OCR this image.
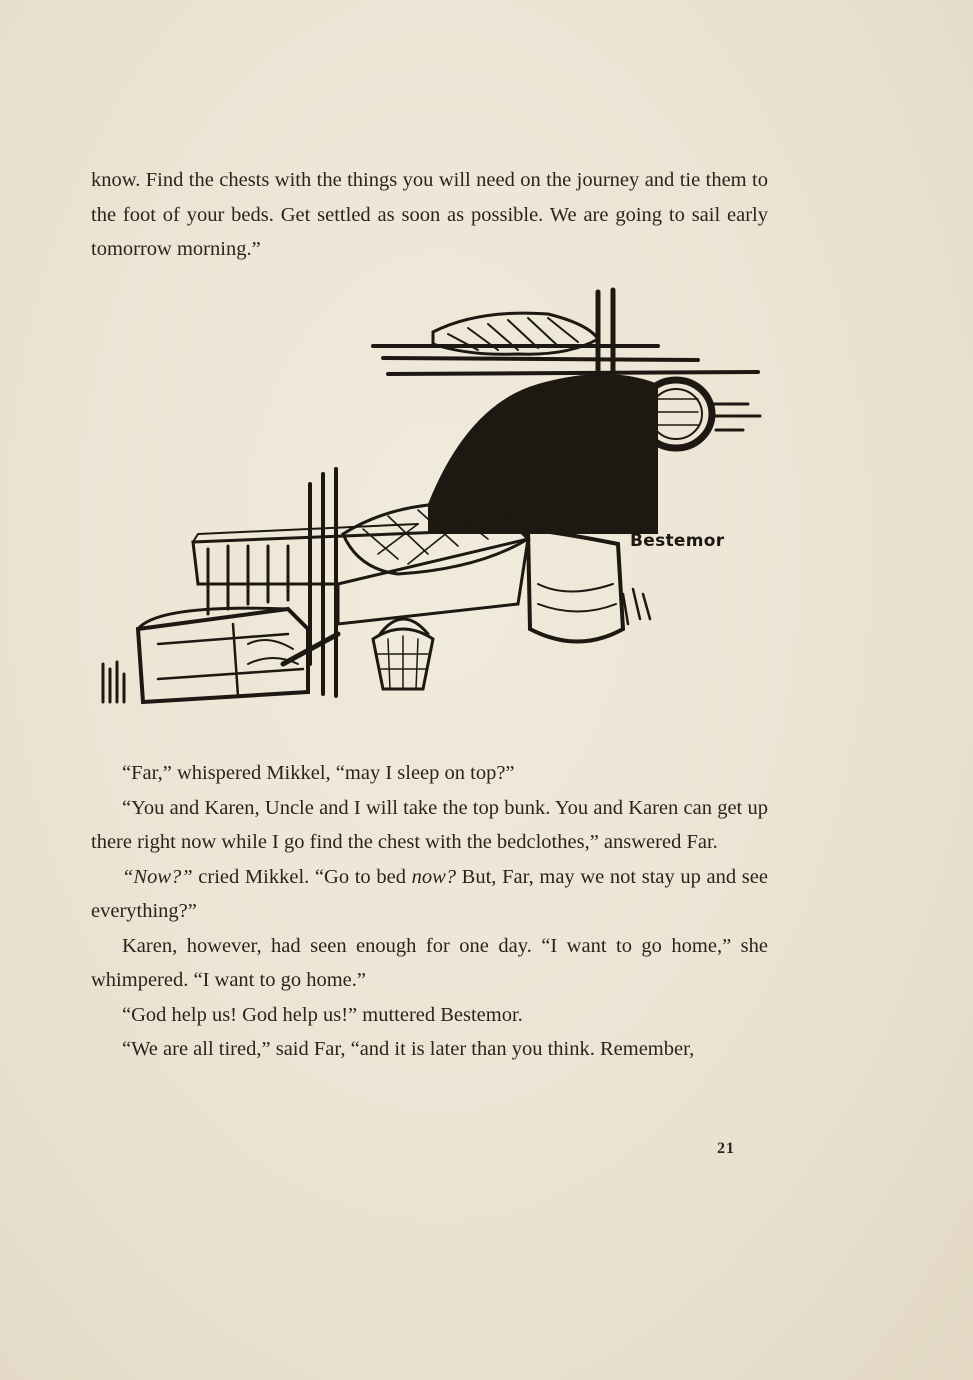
know. Find the chests with the things you will need on the journey and tie them to the foot of your beds. Get settled as soon as possible. We are going to sail early tomorrow morning.”

Bestemor

“Far,” whispered Mikkel, “may I sleep on top?”

“You and Karen, Uncle and I will take the top bunk. You and Karen can get up there right now while I go find the chest with the bedclothes,” answered Far.

“Now?” cried Mikkel. “Go to bed now? But, Far, may we not stay up and see everything?”

Karen, however, had seen enough for one day. “I want to go home,” she whimpered. “I want to go home.”

“God help us! God help us!” muttered Bestemor.

“We are all tired,” said Far, “and it is later than you think. Remember,

21
